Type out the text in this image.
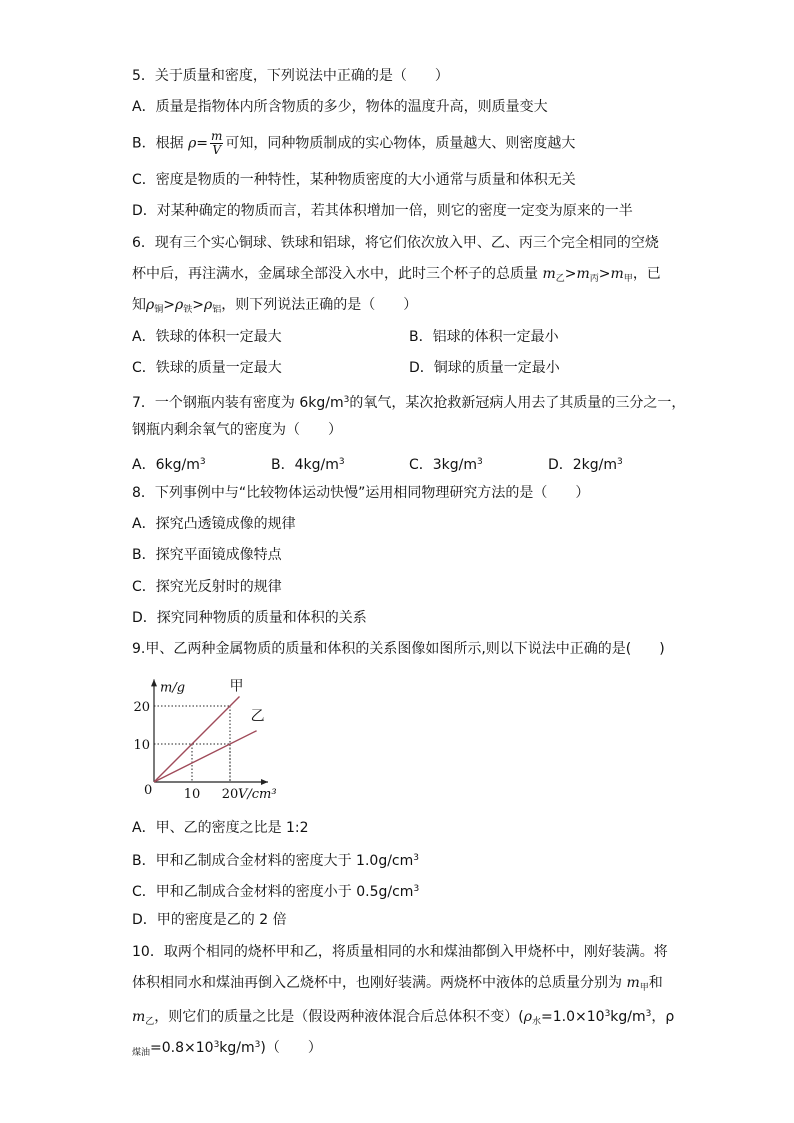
5．关于质量和密度，下列说法中正确的是（　　）
A．质量是指物体内所含物质的多少，物体的温度升高，则质量变大
B．根据 $\rho= \frac{m}{V}$ 可知，同种物质制成的实心物体，质量越大、则密度越大
C．密度是物质的一种特性，某种物质密度的大小通常与质量和体积无关
D．对某种确定的物质而言，若其体积增加一倍，则它的密度一定变为原来的一半
6．现有三个实心铜球、铁球和铝球，将它们依次放入甲、乙、丙三个完全相同的空烧
杯中后，再注满水，金属球全部没入水中，此时三个杯子的总质量 $m_乙>m_丙>m_甲$，已
知$\rho_铜>\rho_铁>\rho_铝$，则下列说法正确的是（　　）
A．铁球的体积一定最大	B．铝球的体积一定最小
C．铁球的质量一定最大	D．铜球的质量一定最小
7．一个钢瓶内装有密度为 $6kg/m^3$的氧气，某次抢救新冠病人用去了其质量的三分之一，
钢瓶内剩余氧气的密度为（　　）
A．$6kg/m^3$	B．$4kg/m^3$	C．$3kg/m^3$	D．$2kg/m^3$
8．下列事例中与“比较物体运动快慢”运用相同物理研究方法的是（　　）
A．探究凸透镜成像的规律
B．探究平面镜成像特点
C．探究光反射时的规律
D．探究同种物质的质量和体积的关系
9.甲、乙两种金属物质的质量和体积的关系图像如图所示,则以下说法中正确的是(　　)
甲
乙
0 10 20
10
20
m/g
V/cm³
A．甲、乙的密度之比是 1:2
B．甲和乙制成合金材料的密度大于 $1.0g/cm^3$
C．甲和乙制成合金材料的密度小于 $0.5g/cm^3$
D．甲的密度是乙的 2 倍
10．取两个相同的烧杯甲和乙，将质量相同的水和煤油都倒入甲烧杯中，刚好装满。将
体积相同水和煤油再倒入乙烧杯中，也刚好装满。两烧杯中液体的总质量分别为 $m_甲$和
$m_乙$，则它们的质量之比是（假设两种液体混合后总体积不变）($\rho_水=1.0\times 10^3kg/m^3$，ρ
$_{煤油}=0.8\times 10^3kg/m^3$)（　　）
